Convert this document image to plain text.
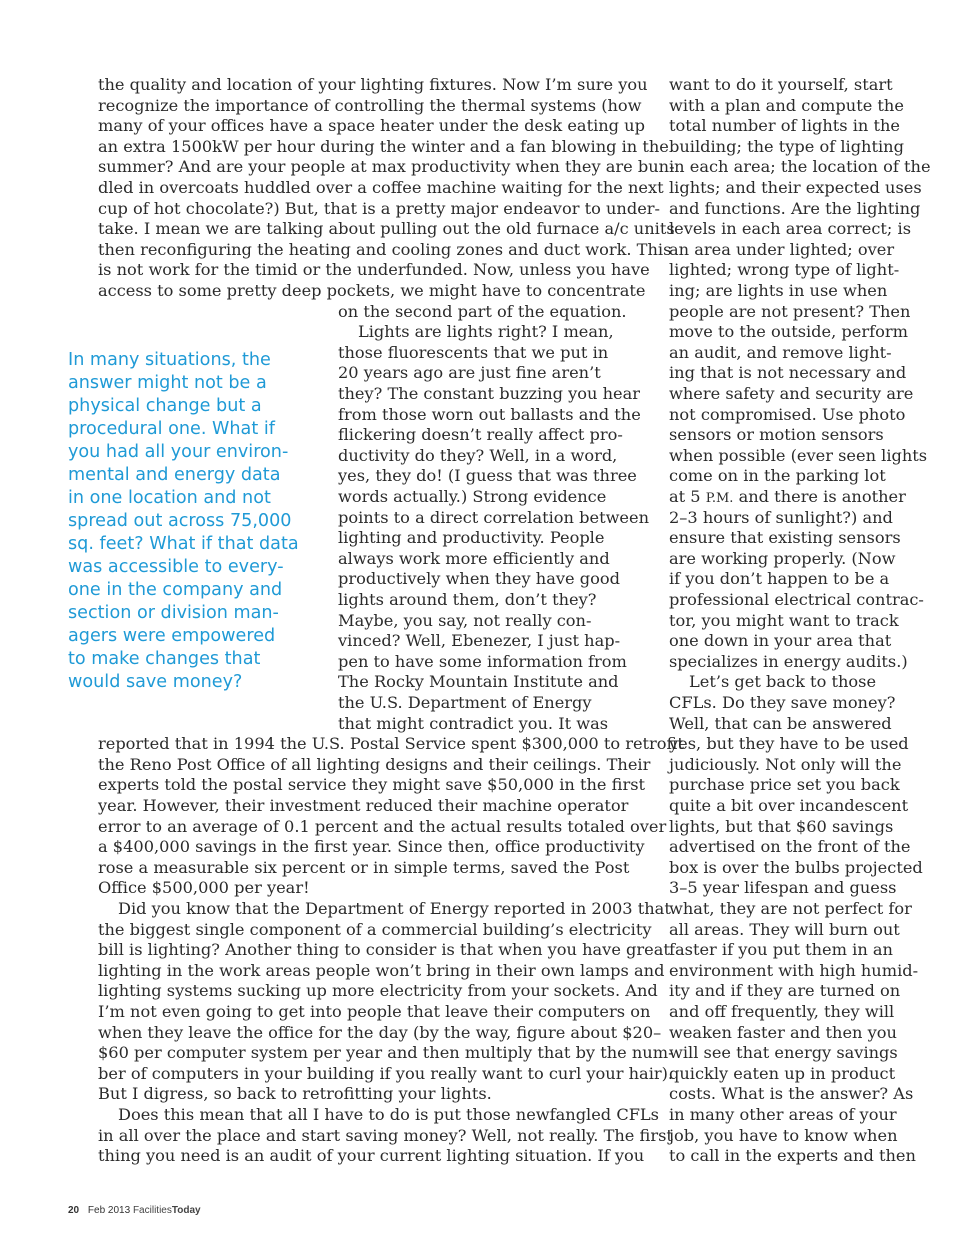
the quality and location of your lighting fixtures. Now I’m sure you
recognize the importance of controlling the thermal systems (how
many of your offices have a space heater under the desk eating up
an extra 1500kW per hour during the winter and a fan blowing in the
summer? And are your people at max productivity when they are bun-
dled in overcoats huddled over a coffee machine waiting for the next
cup of hot chocolate?) But, that is a pretty major endeavor to under-
take. I mean we are talking about pulling out the old furnace a/c units
then reconfiguring the heating and cooling zones and duct work. This
is not work for the timid or the underfunded. Now, unless you have
access to some pretty deep pockets, we might have to concentrate
on the second part of the equation.
Lights are lights right? I mean,
those fluorescents that we put in
20 years ago are just fine aren’t
they? The constant buzzing you hear
from those worn out ballasts and the
flickering doesn’t really affect pro-
ductivity do they? Well, in a word,
yes, they do! (I guess that was three
words actually.) Strong evidence
points to a direct correlation between
lighting and productivity. People
always work more efficiently and
productively when they have good
lights around them, don’t they?
Maybe, you say, not really con-
vinced? Well, Ebenezer, I just hap-
pen to have some information from
The Rocky Mountain Institute and
the U.S. Department of Energy
that might contradict you. It was
reported that in 1994 the U.S. Postal Service spent $300,000 to retrofit
the Reno Post Office of all lighting designs and their ceilings. Their
experts told the postal service they might save $50,000 in the first
year. However, their investment reduced their machine operator
error to an average of 0.1 percent and the actual results totaled over
a $400,000 savings in the first year. Since then, office productivity
rose a measurable six percent or in simple terms, saved the Post
Office $500,000 per year!
Did you know that the Department of Energy reported in 2003 that
the biggest single component of a commercial building’s electricity
bill is lighting? Another thing to consider is that when you have great
lighting in the work areas people won’t bring in their own lamps and
lighting systems sucking up more electricity from your sockets. And
I’m not even going to get into people that leave their computers on
when they leave the office for the day (by the way, figure about $20–
$60 per computer system per year and then multiply that by the num-
ber of computers in your building if you really want to curl your hair).
But I digress, so back to retrofitting your lights.
Does this mean that all I have to do is put those newfangled CFLs
in all over the place and start saving money? Well, not really. The first
thing you need is an audit of your current lighting situation. If you
In many situations, the
answer might not be a
physical change but a
procedural one. What if
you had all your environ-
mental and energy data
in one location and not
spread out across 75,000
sq. feet? What if that data
was accessible to every-
one in the company and
section or division man-
agers were empowered
to make changes that
would save money?
want to do it yourself, start
with a plan and compute the
total number of lights in the
building; the type of lighting
in each area; the location of the
lights; and their expected uses
and functions. Are the lighting
levels in each area correct; is
an area under lighted; over
lighted; wrong type of light-
ing; are lights in use when
people are not present? Then
move to the outside, perform
an audit, and remove light-
ing that is not necessary and
where safety and security are
not compromised. Use photo
sensors or motion sensors
when possible (ever seen lights
come on in the parking lot
at 5 P.M. and there is another
2–3 hours of sunlight?) and
ensure that existing sensors
are working properly. (Now
if you don’t happen to be a
professional electrical contrac-
tor, you might want to track
one down in your area that
specializes in energy audits.)
Let’s get back to those
CFLs. Do they save money?
Well, that can be answered
yes, but they have to be used
judiciously. Not only will the
purchase price set you back
quite a bit over incandescent
lights, but that $60 savings
advertised on the front of the
box is over the bulbs projected
3–5 year lifespan and guess
what, they are not perfect for
all areas. They will burn out
faster if you put them in an
environment with high humid-
ity and if they are turned on
and off frequently, they will
weaken faster and then you
will see that energy savings
quickly eaten up in product
costs. What is the answer? As
in many other areas of your
job, you have to know when
to call in the experts and then
20 Feb 2013 FacilitiesToday
